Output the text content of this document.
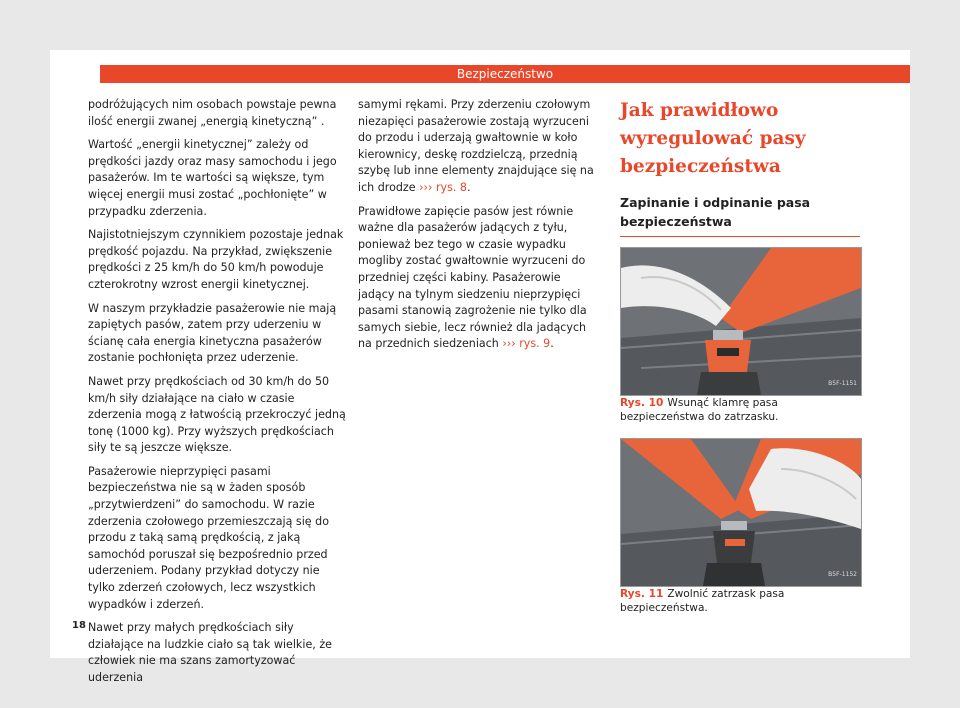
Bezpieczeństwo

podróżujących nim osobach powstaje pewna ilość energii zwanej „energią kinetyczną” .

Wartość „energii kinetycznej” zależy od prędkości jazdy oraz masy samochodu i jego pasażerów. Im te wartości są większe, tym więcej energii musi zostać „pochłonięte” w przypadku zderzenia.

Najistotniejszym czynnikiem pozostaje jednak prędkość pojazdu. Na przykład, zwiększenie prędkości z 25 km/h do 50 km/h powoduje czterokrotny wzrost energii kinetycznej.

W naszym przykładzie pasażerowie nie mają zapiętych pasów, zatem przy uderzeniu w ścianę cała energia kinetyczna pasażerów zostanie pochłonięta przez uderzenie.

Nawet przy prędkościach od 30 km/h do 50 km/h siły działające na ciało w czasie zderzenia mogą z łatwością przekroczyć jedną tonę (1000 kg). Przy wyższych prędkościach siły te są jeszcze większe.

Pasażerowie nieprzypięci pasami bezpieczeństwa nie są w żaden sposób „przytwierdzeni” do samochodu. W razie zderzenia czołowego przemieszczają się do przodu z taką samą prędkością, z jaką samochód poruszał się bezpośrednio przed uderzeniem. Podany przykład dotyczy nie tylko zderzeń czołowych, lecz wszystkich wypadków i zderzeń.

Nawet przy małych prędkościach siły działające na ludzkie ciało są tak wielkie, że człowiek nie ma szans zamortyzować uderzenia

samymi rękami. Przy zderzeniu czołowym niezapięci pasażerowie zostają wyrzuceni do przodu i uderzają gwałtownie w koło kierownicy, deskę rozdzielczą, przednią szybę lub inne elementy znajdujące się na ich drodze ››› rys. 8.

Prawidłowe zapięcie pasów jest równie ważne dla pasażerów jadących z tyłu, ponieważ bez tego w czasie wypadku mogliby zostać gwałtownie wyrzuceni do przedniej części kabiny. Pasażerowie jadący na tylnym siedzeniu nieprzypięci pasami stanowią zagrożenie nie tylko dla samych siebie, lecz również dla jadących na przednich siedzeniach ››› rys. 9.

Jak prawidłowo wyregulować pasy bezpieczeństwa
Zapinanie i odpinanie pasa bezpieczeństwa
B5F-1151

Rys. 10 Wsunąć klamrę pasa bezpieczeństwa do zatrzasku.

B5F-1152

Rys. 11 Zwolnić zatrzask pasa bezpieczeństwa.

18
